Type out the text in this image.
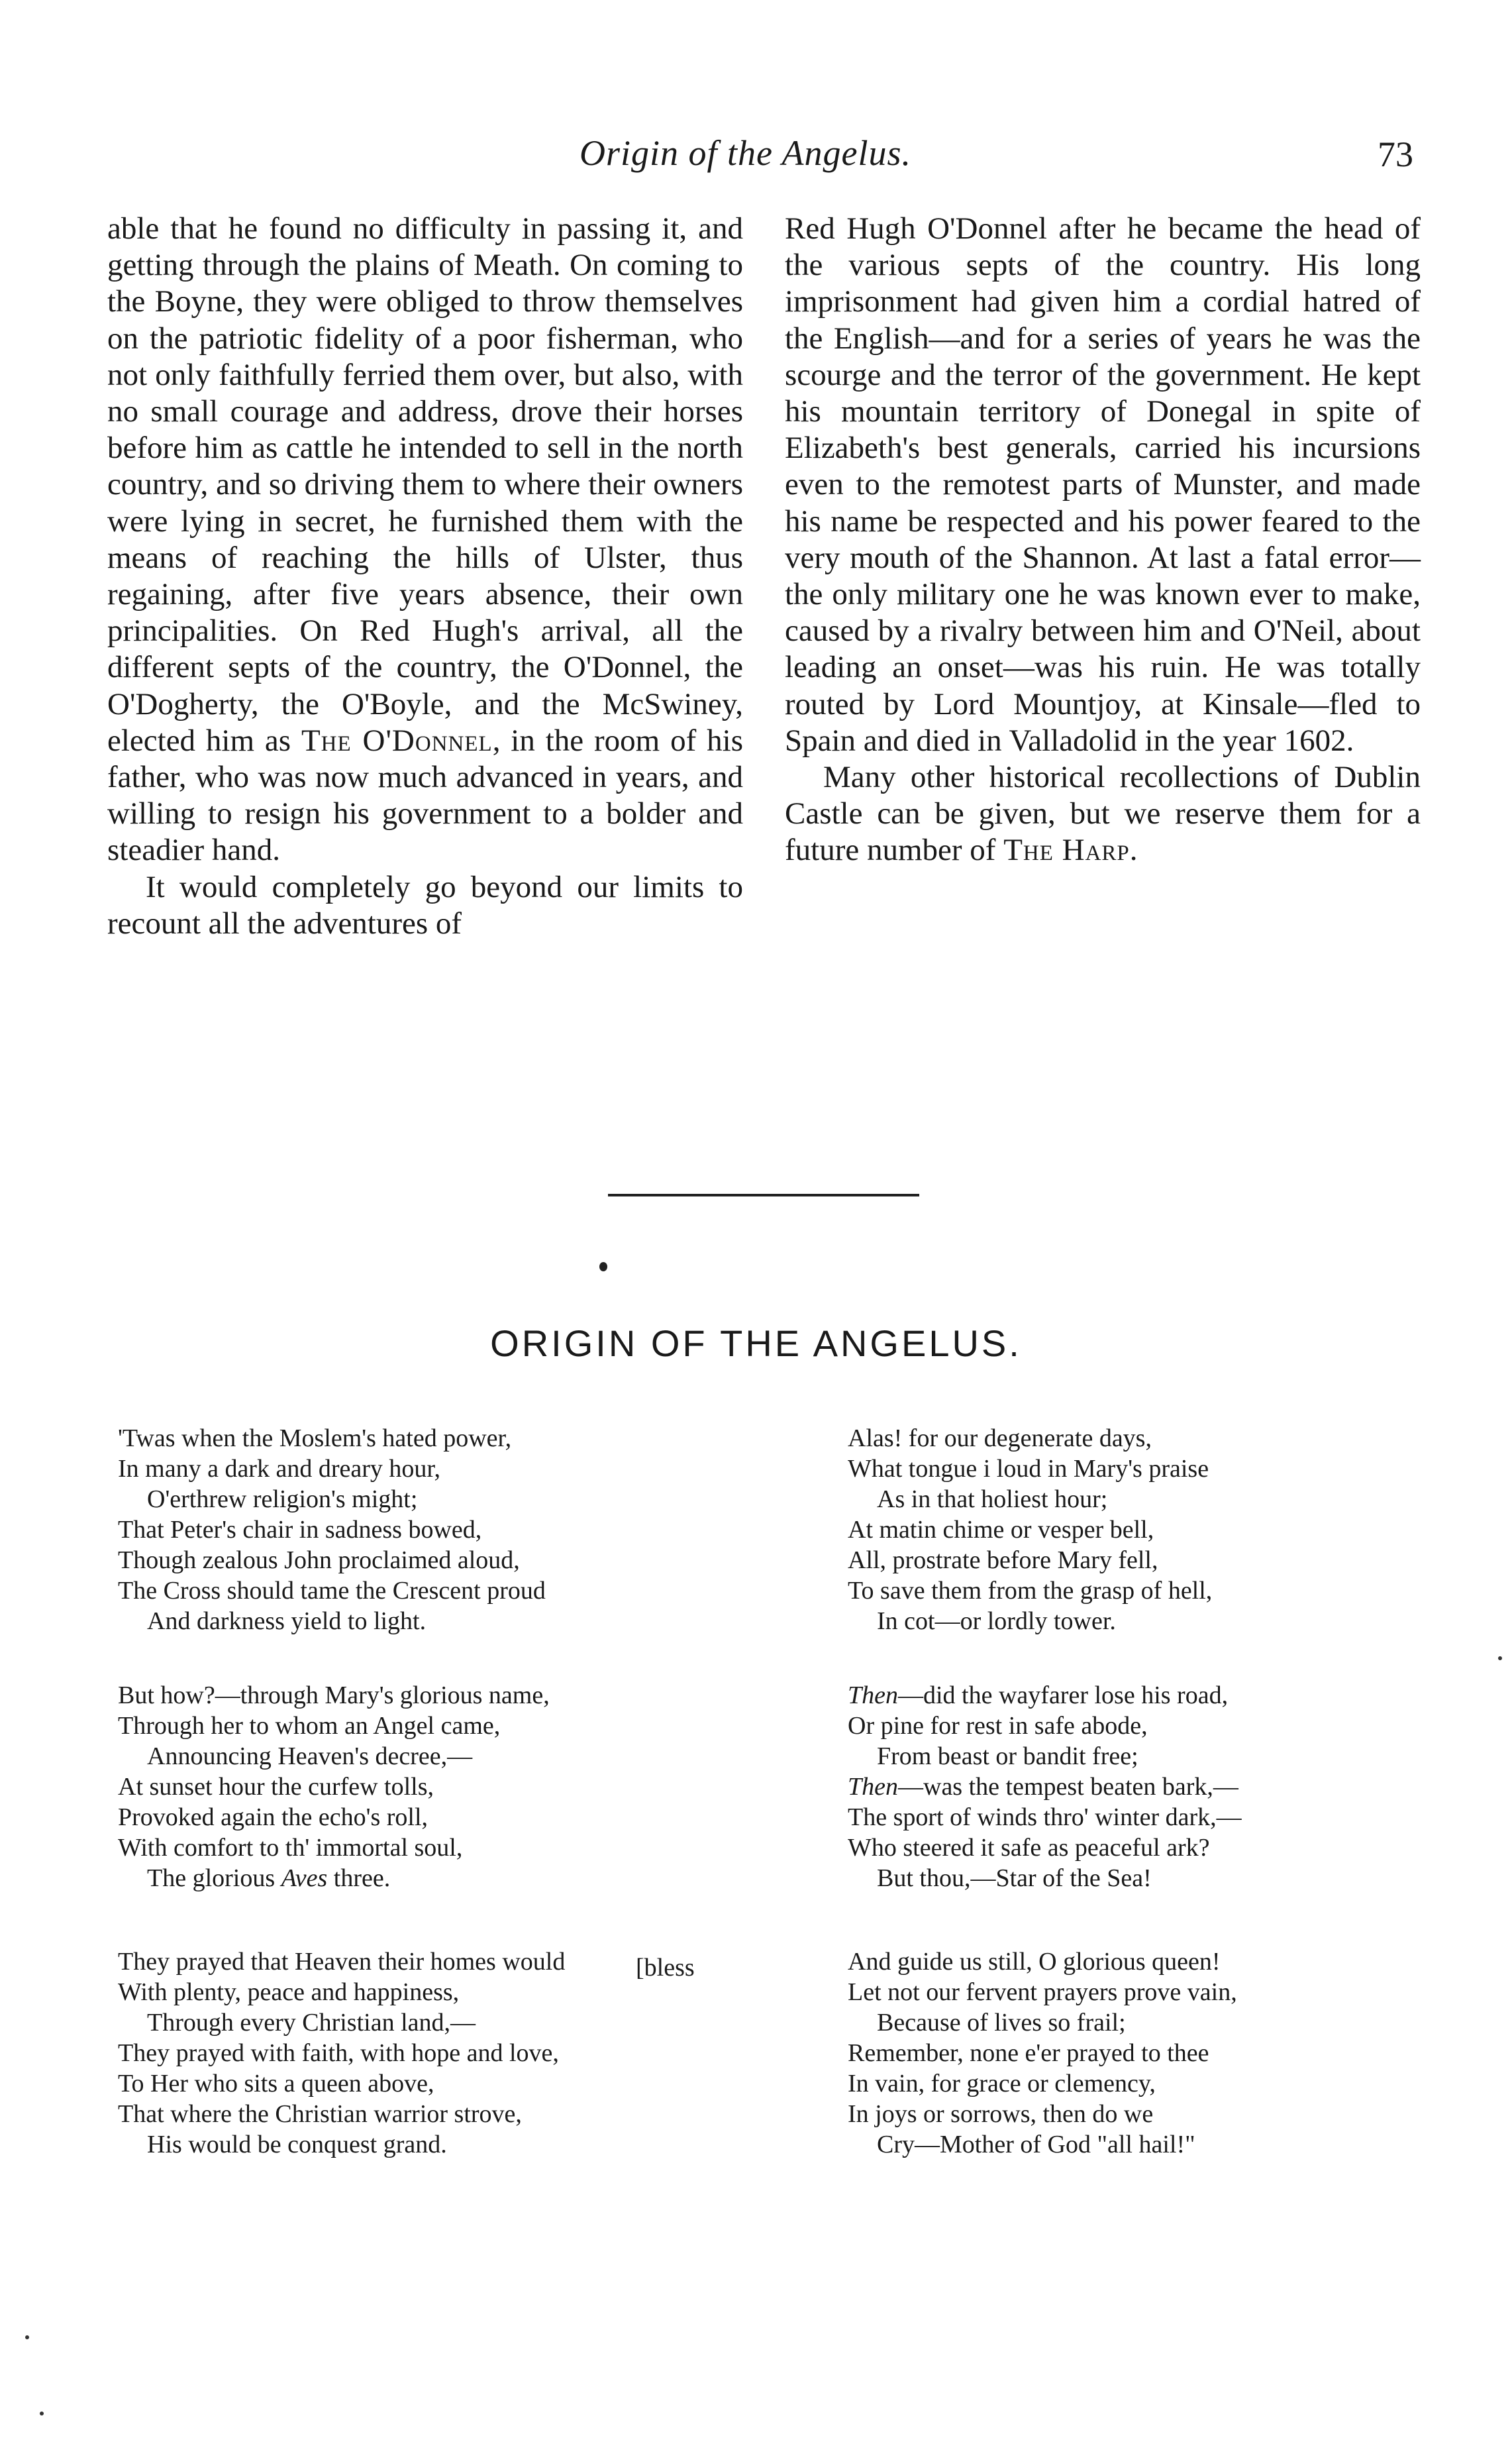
Origin of the Angelus.	73

able that he found no difficulty in passing it, and getting through the plains of Meath. On coming to the Boyne, they were obliged to throw themselves on the patriotic fidelity of a poor fisherman, who not only faithfully ferried them over, but also, with no small courage and address, drove their horses before him as cattle he intended to sell in the north country, and so driving them to where their owners were lying in secret, he furnished them with the means of reaching the hills of Ulster, thus regaining, after five years absence, their own principalities. On Red Hugh's arrival, all the different septs of the country, the O'Donnel, the O'Dogherty, the O'Boyle, and the McSwiney, elected him as The O'Donnel, in the room of his father, who was now much advanced in years, and willing to resign his government to a bolder and steadier hand.

It would completely go beyond our limits to recount all the adventures of

Red Hugh O'Donnel after he became the head of the various septs of the country. His long imprisonment had given him a cordial hatred of the English—and for a series of years he was the scourge and the terror of the government. He kept his mountain territory of Donegal in spite of Elizabeth's best generals, carried his incursions even to the remotest parts of Munster, and made his name be respected and his power feared to the very mouth of the Shannon. At last a fatal error—the only military one he was known ever to make, caused by a rivalry between him and O'Neil, about leading an onset—was his ruin. He was totally routed by Lord Mountjoy, at Kinsale—fled to Spain and died in Valladolid in the year 1602.

Many other historical recollections of Dublin Castle can be given, but we reserve them for a future number of The Harp.

ORIGIN OF THE ANGELUS.
'Twas when the Moslem's hated power,
In many a dark and dreary hour,
O'erthrew religion's might;
That Peter's chair in sadness bowed,
Though zealous John proclaimed aloud,
The Cross should tame the Crescent proud
And darkness yield to light.
But how?—through Mary's glorious name,
Through her to whom an Angel came,
Announcing Heaven's decree,—
At sunset hour the curfew tolls,
Provoked again the echo's roll,
With comfort to th' immortal soul,
The glorious Aves three.
They prayed that Heaven their homes would
With plenty, peace and happiness,
Through every Christian land,—
They prayed with faith, with hope and love,
To Her who sits a queen above,
That where the Christian warrior strove,
His would be conquest grand.
[bless
Alas! for our degenerate days,
What tongue i loud in Mary's praise
As in that holiest hour;
At matin chime or vesper bell,
All, prostrate before Mary fell,
To save them from the grasp of hell,
In cot—or lordly tower.
Then—did the wayfarer lose his road,
Or pine for rest in safe abode,
From beast or bandit free;
Then—was the tempest beaten bark,—
The sport of winds thro' winter dark,—
Who steered it safe as peaceful ark?
But thou,—Star of the Sea!
And guide us still, O glorious queen!
Let not our fervent prayers prove vain,
Because of lives so frail;
Remember, none e'er prayed to thee
In vain, for grace or clemency,
In joys or sorrows, then do we
Cry—Mother of God "all hail!"
